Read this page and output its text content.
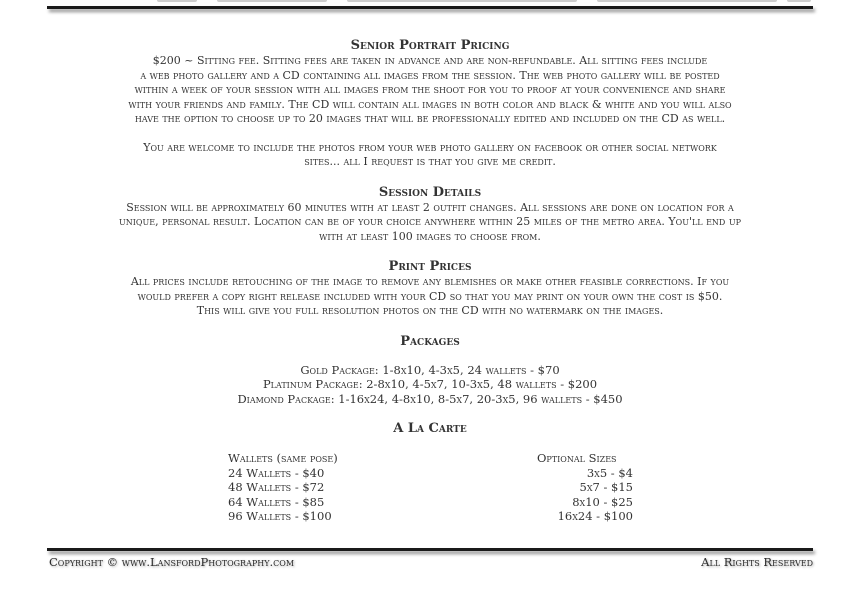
Senior Portrait Pricing

$200 ~ Sitting fee. Sitting fees are taken in advance and are non-refundable. All sitting fees include

a web photo gallery and a CD containing all images from the session. The web photo gallery will be posted

within a week of your session with all images from the shoot for you to proof at your convenience and share

with your friends and family. The CD will contain all images in both color and black & white and you will also

have the option to choose up to 20 images that will be professionally edited and included on the CD as well.

You are welcome to include the photos from your web photo gallery on facebook or other social network

sites... all I request is that you give me credit.

Session Details

Session will be approximately 60 minutes with at least 2 outfit changes. All sessions are done on location for a

unique, personal result. Location can be of your choice anywhere within 25 miles of the metro area. You'll end up

with at least 100 images to choose from.

Print Prices

All prices include retouching of the image to remove any blemishes or make other feasible corrections. If you

would prefer a copy right release included with your CD so that you may print on your own the cost is $50.

This will give you full resolution photos on the CD with no watermark on the images.

Packages

Gold Package: 1-8x10, 4-3x5, 24 wallets - $70

Platinum Package: 2-8x10, 4-5x7, 10-3x5, 48 wallets - $200

Diamond Package: 1-16x24, 4-8x10, 8-5x7, 20-3x5, 96 wallets - $450

A La Carte
Wallets (same pose)
24 Wallets - $40
48 Wallets - $72
64 Wallets - $85
96 Wallets - $100
Optional Sizes
3x5 - $4
5x7 - $15
8x10 - $25
16x24 - $100
Copyright © www.LansfordPhotography.com	All Rights Reserved
